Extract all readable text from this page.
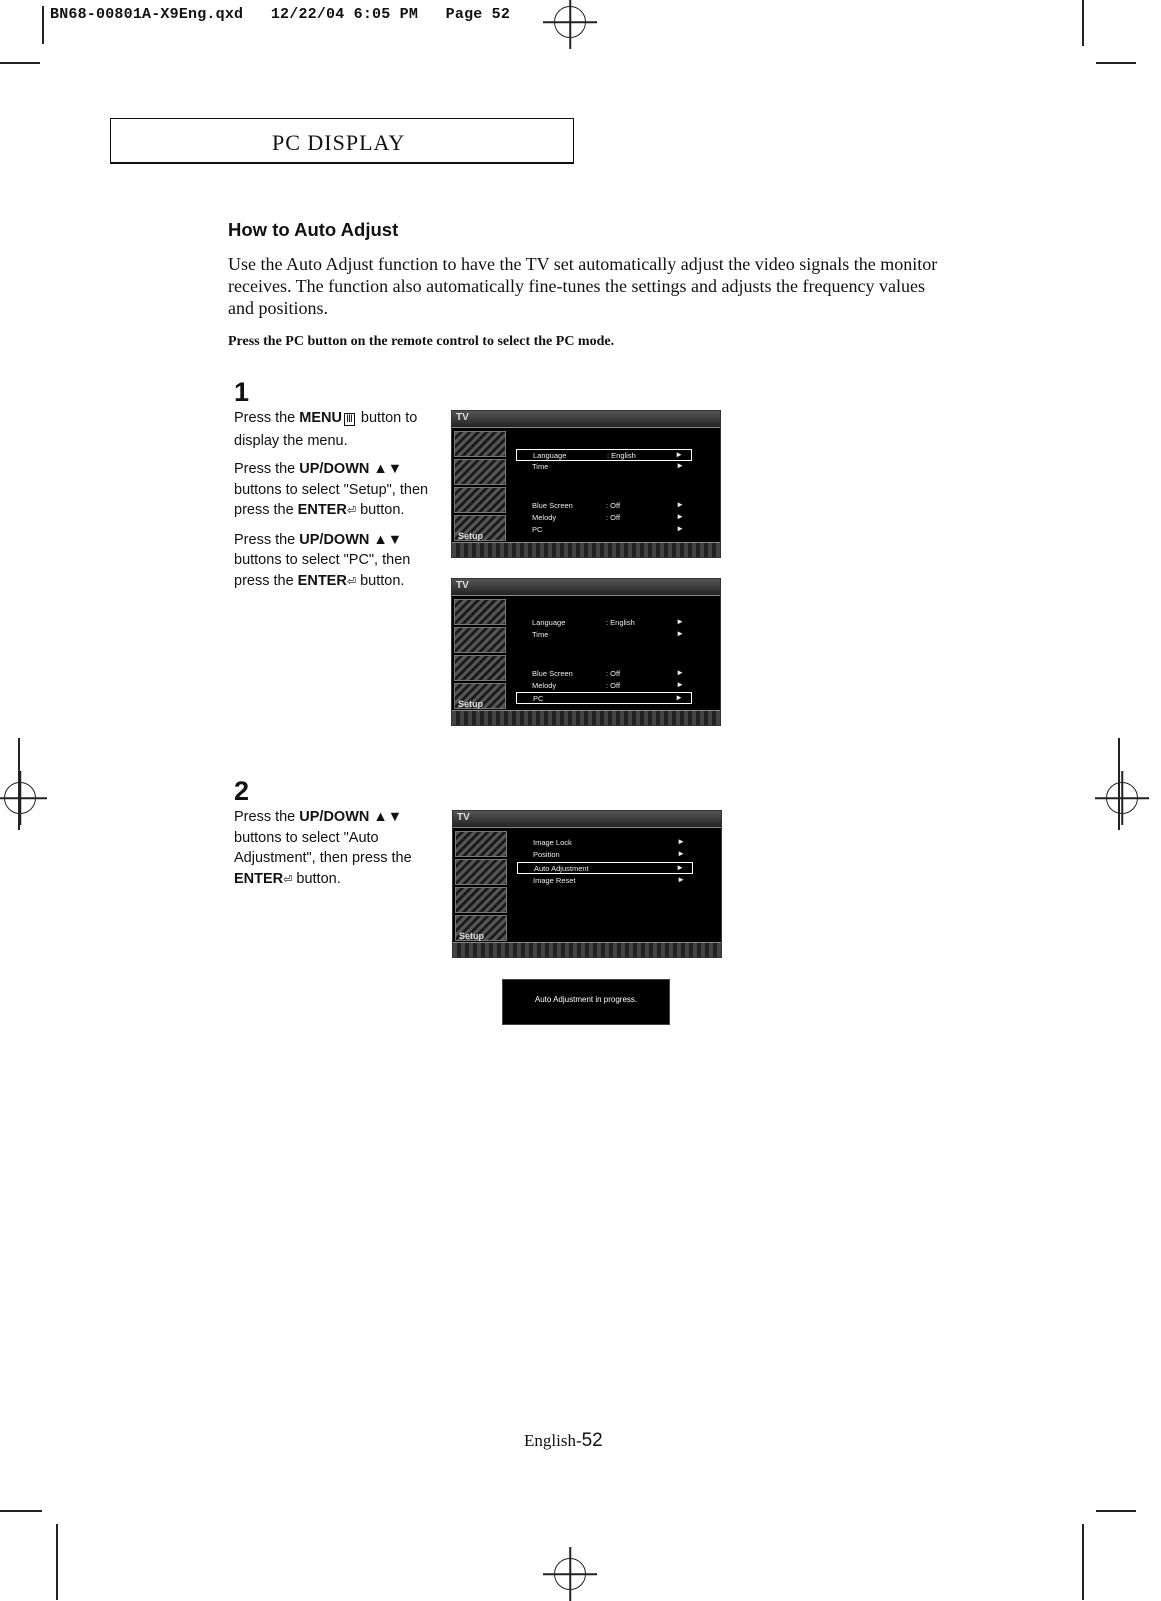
BN68-00801A-X9Eng.qxd   12/22/04 6:05 PM   Page 52
PC DISPLAY
How to Auto Adjust
Use the Auto Adjust function to have the TV set automatically adjust the video signals the monitor receives. The function also automatically fine-tunes the settings and adjusts the frequency values and positions.
Press the PC button on the remote control to select the PC mode.
1

Press the MENU Ⅲ button to display the menu.

Press the UP/DOWN ▲▼ buttons to select "Setup", then press the ENTER⏎ button.

Press the UP/DOWN ▲▼ buttons to select "PC", then press the ENTER⏎ button.

TV
Setup
Language	: English	►
Time	►
Blue Screen	: Off	►
Melody	: Off	►
PC	►
TV
Setup
Language	: English	►
Time	►
Blue Screen	: Off	►
Melody	: Off	►
PC	►
2

Press the UP/DOWN ▲▼ buttons to select "Auto Adjustment", then press the ENTER⏎ button.

TV
Setup
Image Lock	►
Position	►
Auto Adjustment	►
Image Reset	►
Auto Adjustment in progress.
English-52
